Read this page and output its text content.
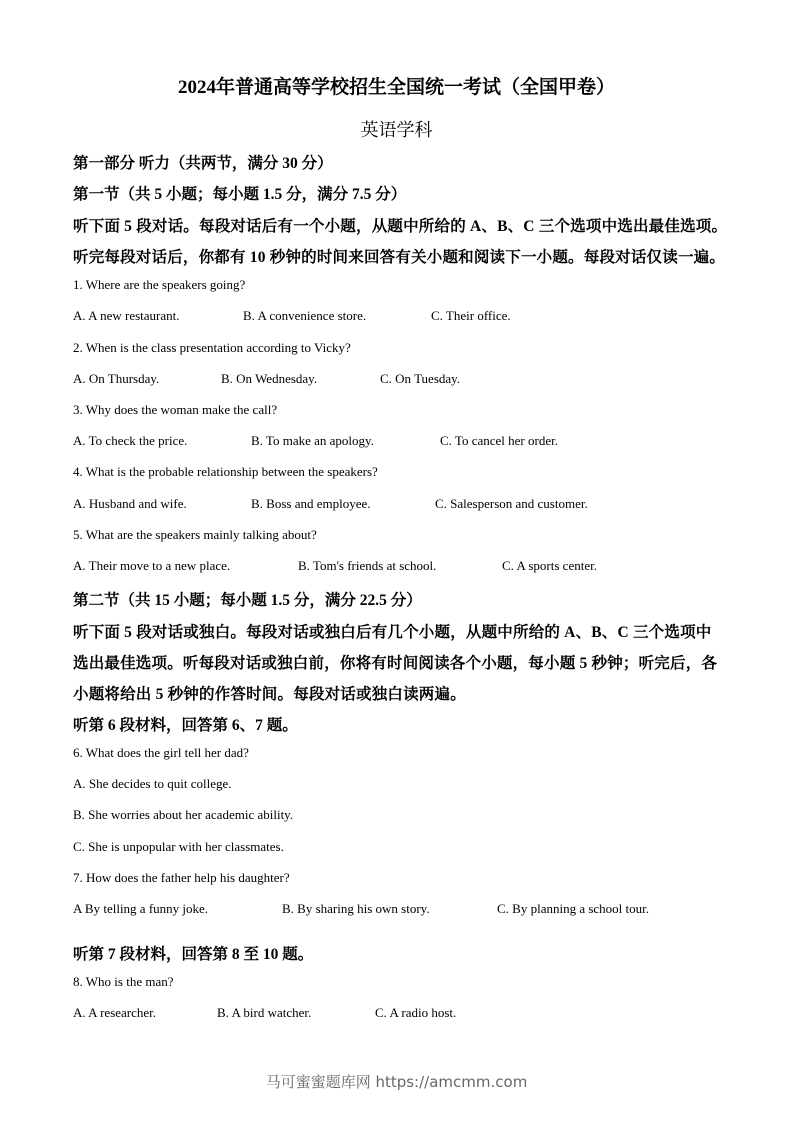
2024年普通高等学校招生全国统一考试（全国甲卷）
英语学科
第一部分 听力（共两节，满分 30 分）
第一节（共 5 小题；每小题 1.5 分，满分 7.5 分）
听下面 5 段对话。每段对话后有一个小题，从题中所给的 A、B、C 三个选项中选出最佳选项。
听完每段对话后，你都有 10 秒钟的时间来回答有关小题和阅读下一小题。每段对话仅读一遍。
1. Where are the speakers going?
A. A new restaurant.	B. A convenience store.	C. Their office.
2. When is the class presentation according to Vicky?
A. On Thursday.	B. On Wednesday.	C. On Tuesday.
3. Why does the woman make the call?
A. To check the price.	B. To make an apology.	C. To cancel her order.
4. What is the probable relationship between the speakers?
A. Husband and wife.	B. Boss and employee.	C. Salesperson and customer.
5. What are the speakers mainly talking about?
A. Their move to a new place.	B. Tom's friends at school.	C. A sports center.
第二节（共 15 小题；每小题 1.5 分，满分 22.5 分）
听下面 5 段对话或独白。每段对话或独白后有几个小题，从题中所给的 A、B、C 三个选项中
选出最佳选项。听每段对话或独白前，你将有时间阅读各个小题，每小题 5 秒钟；听完后，各
小题将给出 5 秒钟的作答时间。每段对话或独白读两遍。
听第 6 段材料，回答第 6、7 题。
6. What does the girl tell her dad?
A. She decides to quit college.
B. She worries about her academic ability.
C. She is unpopular with her classmates.
7. How does the father help his daughter?
A By telling a funny joke.	B. By sharing his own story.	C. By planning a school tour.
听第 7 段材料，回答第 8 至 10 题。
8. Who is the man?
A. A researcher.	B. A bird watcher.	C. A radio host.
马可蜜蜜题库网 https://amcmm.com
